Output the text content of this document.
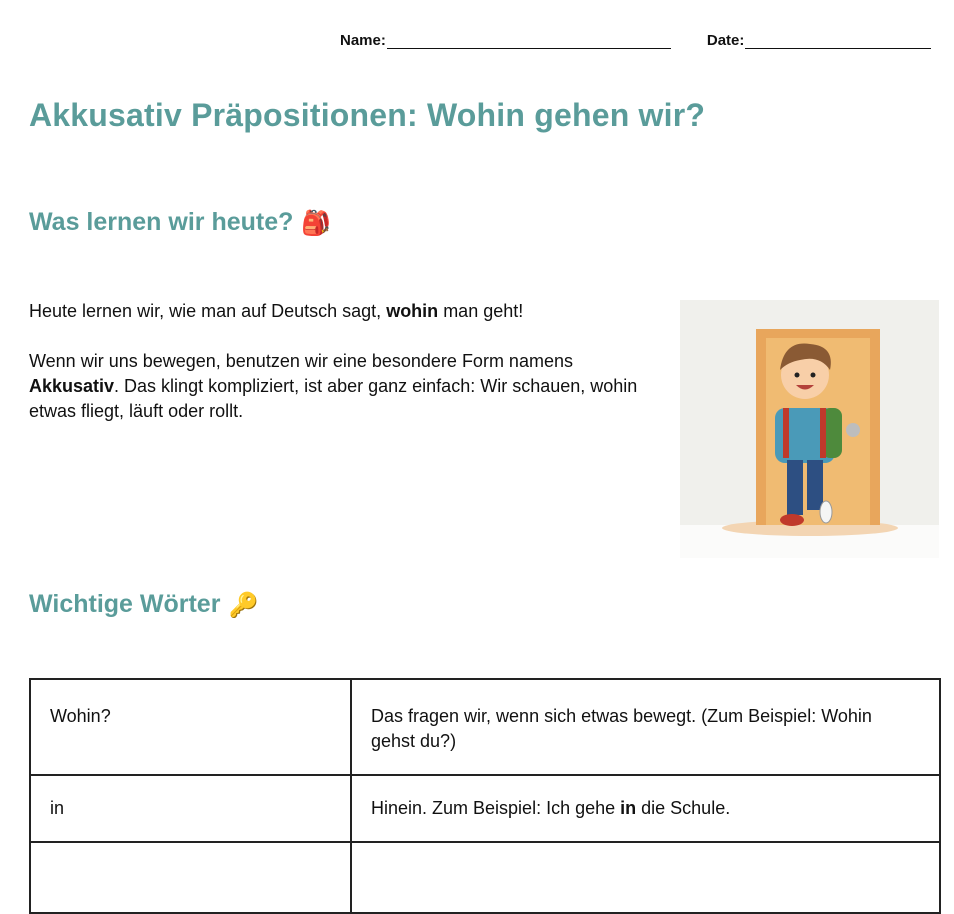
Name:	Date:
Akkusativ Präpositionen: Wohin gehen wir?
Was lernen wir heute? 🎒

Heute lernen wir, wie man auf Deutsch sagt, wohin man geht!

Wenn wir uns bewegen, benutzen wir eine besondere Form namens Akkusativ. Das klingt kompliziert, ist aber ganz einfach: Wir schauen, wohin etwas fliegt, läuft oder rollt.

Wichtige Wörter 🔑
Wohin?	Das fragen wir, wenn sich etwas bewegt. (Zum Beispiel: Wohin gehst du?)
in	Hinein. Zum Beispiel: Ich gehe in die Schule.
